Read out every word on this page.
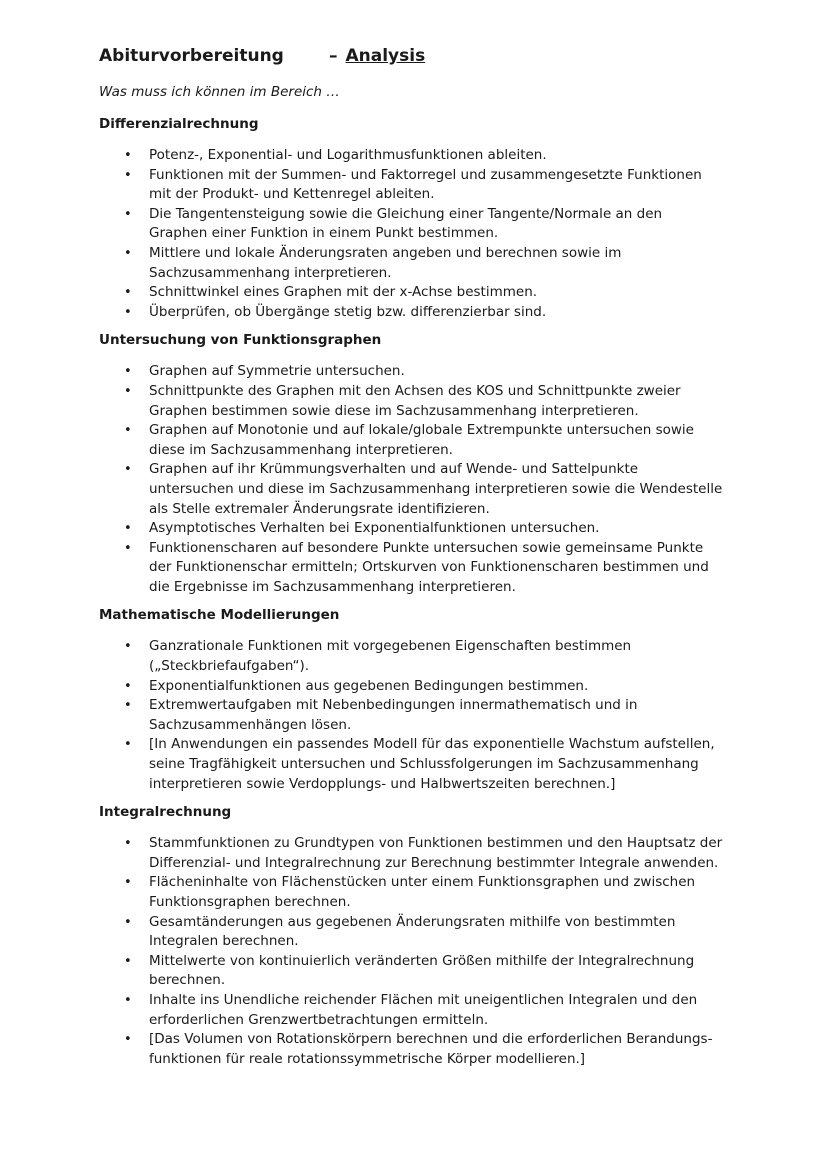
Abiturvorbereitung	– Analysis
Was muss ich können im Bereich …
Differenzialrechnung
• Potenz-, Exponential- und Logarithmusfunktionen ableiten.
• Funktionen mit der Summen- und Faktorregel und zusammengesetzte Funktionen
mit der Produkt- und Kettenregel ableiten.
• Die Tangentensteigung sowie die Gleichung einer Tangente/Normale an den
Graphen einer Funktion in einem Punkt bestimmen.
• Mittlere und lokale Änderungsraten angeben und berechnen sowie im
Sachzusammenhang interpretieren.
• Schnittwinkel eines Graphen mit der x-Achse bestimmen.
• Überprüfen, ob Übergänge stetig bzw. differenzierbar sind.
Untersuchung von Funktionsgraphen
• Graphen auf Symmetrie untersuchen.
• Schnittpunkte des Graphen mit den Achsen des KOS und Schnittpunkte zweier
Graphen bestimmen sowie diese im Sachzusammenhang interpretieren.
• Graphen auf Monotonie und auf lokale/globale Extrempunkte untersuchen sowie
diese im Sachzusammenhang interpretieren.
• Graphen auf ihr Krümmungsverhalten und auf Wende- und Sattelpunkte
untersuchen und diese im Sachzusammenhang interpretieren sowie die Wendestelle
als Stelle extremaler Änderungsrate identifizieren.
• Asymptotisches Verhalten bei Exponentialfunktionen untersuchen.
• Funktionenscharen auf besondere Punkte untersuchen sowie gemeinsame Punkte
der Funktionenschar ermitteln; Ortskurven von Funktionenscharen bestimmen und
die Ergebnisse im Sachzusammenhang interpretieren.
Mathematische Modellierungen
• Ganzrationale Funktionen mit vorgegebenen Eigenschaften bestimmen
(„Steckbriefaufgaben“).
• Exponentialfunktionen aus gegebenen Bedingungen bestimmen.
• Extremwertaufgaben mit Nebenbedingungen innermathematisch und in
Sachzusammenhängen lösen.
• [In Anwendungen ein passendes Modell für das exponentielle Wachstum aufstellen,
seine Tragfähigkeit untersuchen und Schlussfolgerungen im Sachzusammenhang
interpretieren sowie Verdopplungs- und Halbwertszeiten berechnen.]
Integralrechnung
• Stammfunktionen zu Grundtypen von Funktionen bestimmen und den Hauptsatz der
Differenzial- und Integralrechnung zur Berechnung bestimmter Integrale anwenden.
• Flächeninhalte von Flächenstücken unter einem Funktionsgraphen und zwischen
Funktionsgraphen berechnen.
• Gesamtänderungen aus gegebenen Änderungsraten mithilfe von bestimmten
Integralen berechnen.
• Mittelwerte von kontinuierlich veränderten Größen mithilfe der Integralrechnung
berechnen.
• Inhalte ins Unendliche reichender Flächen mit uneigentlichen Integralen und den
erforderlichen Grenzwertbetrachtungen ermitteln.
• [Das Volumen von Rotationskörpern berechnen und die erforderlichen Berandungs-
funktionen für reale rotationssymmetrische Körper modellieren.]
